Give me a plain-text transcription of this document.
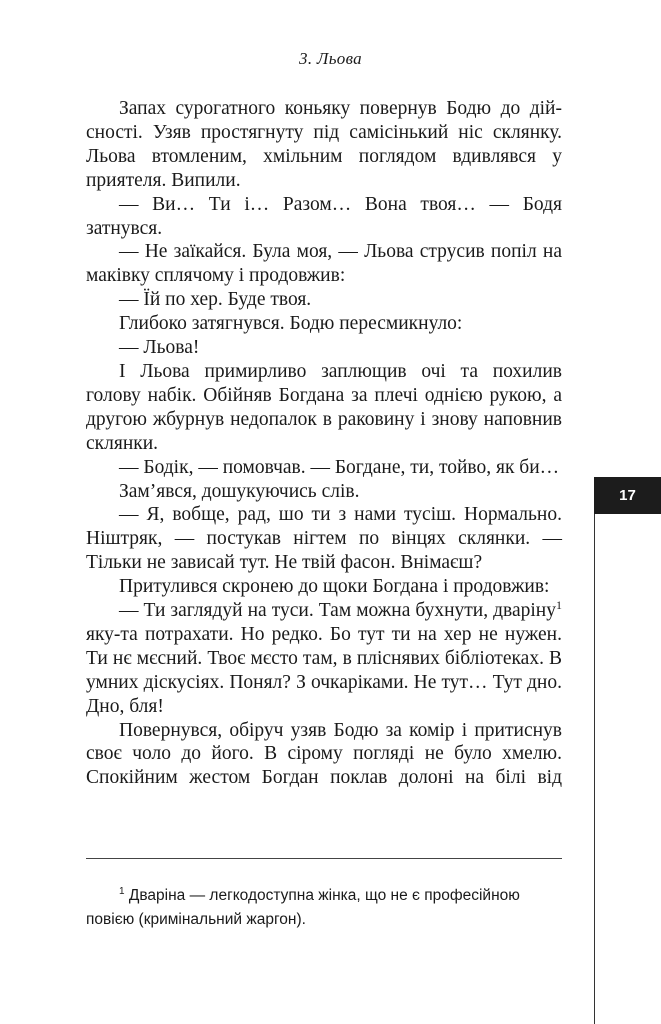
3. Льова

Запах сурогатного коньяку повернув Бодю до дійсності. Узяв простягнуту під самісінький ніс склянку. Льова втомленим, хмільним поглядом вдивлявся у приятеля. Випили.

— Ви… Ти і… Разом… Вона твоя… — Бодя затнувся.

— Не заїкайся. Була моя, — Льова струсив попіл на маківку сплячому і продовжив:

— Їй по хер. Буде твоя.

Глибоко затягнувся. Бодю пересмикнуло:

— Льова!

І Льова примирливо заплющив очі та похилив голову набік. Обійняв Богдана за плечі однією рукою, а другою жбурнув недопалок в раковину і знову наповнив склянки.

— Бодік, — помовчав. — Богдане, ти, тойво, як би…

Зам’явся, дошукуючись слів.

— Я, вобще, рад, шо ти з нами тусіш. Нормально. Ніштряк, — постукав нігтем по вінцях склянки. — Тільки не зависай тут. Не твій фасон. Внімаєш?

Притулився скронею до щоки Богдана і продовжив:

— Ти заглядуй на туси. Там можна бухнути, дваріну$^1$ яку-та потрахати. Но редко. Бо тут ти на хер не нужен. Ти нє мєсний. Твоє мєсто там, в пліснявих бібліотеках. В умних діскусіях. Понял? З очкаріками. Не тут… Тут дно. Дно, бля!

Повернувся, обіруч узяв Бодю за комір і притиснув своє чоло до його. В сірому погляді не було хмелю. Спокійним жестом Богдан поклав долоні на білі від

$^1$ Дваріна — легкодоступна жінка, що не є професійною повією (кримінальний жаргон).
17
